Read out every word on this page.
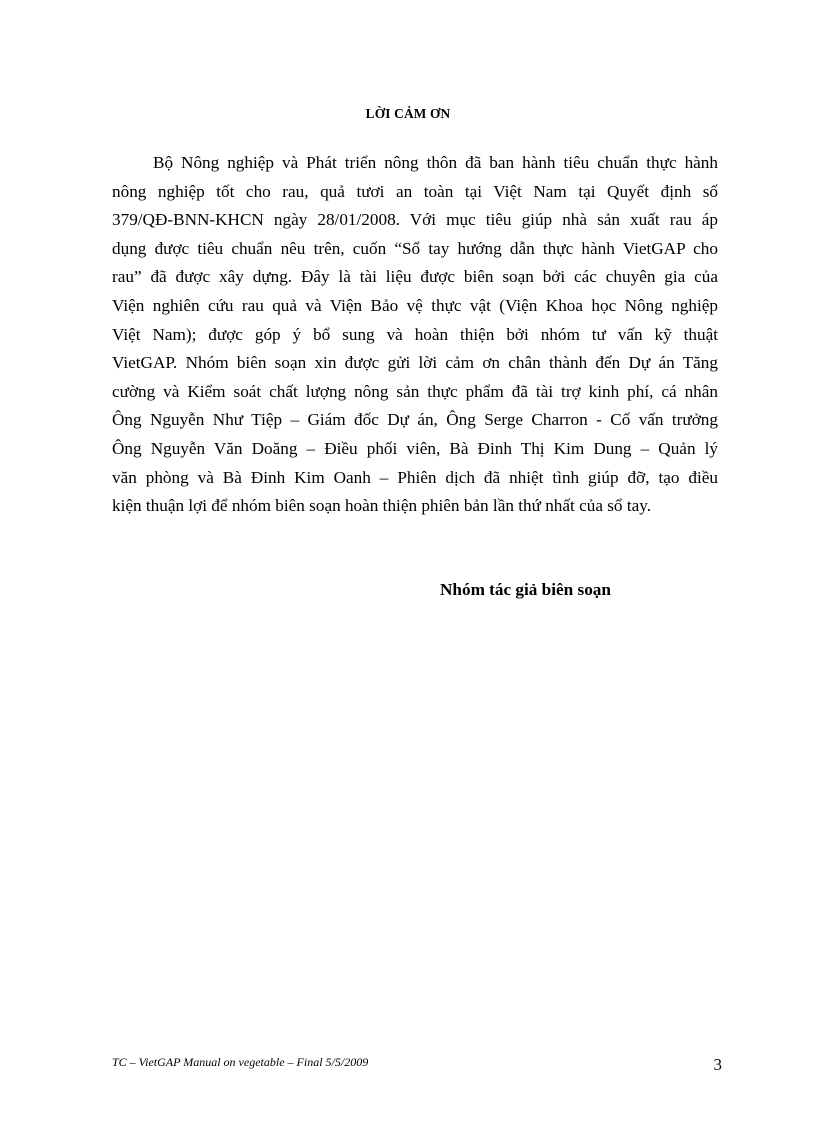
LỜI CẢM ƠN
Bộ Nông nghiệp và Phát triển nông thôn đã ban hành tiêu chuẩn thực hành
nông nghiệp tốt cho rau, quả tươi an toàn tại Việt Nam tại Quyết định số
379/QĐ-BNN-KHCN ngày 28/01/2008. Với mục tiêu giúp nhà sản xuất rau áp
dụng được tiêu chuẩn nêu trên, cuốn “Sổ tay hướng dẫn thực hành VietGAP cho
rau” đã được xây dựng. Đây là tài liệu được biên soạn bởi các chuyên gia của
Viện nghiên cứu rau quả và Viện Bảo vệ thực vật (Viện Khoa học Nông nghiệp
Việt Nam); được góp ý bổ sung và hoàn thiện bởi nhóm tư vấn kỹ thuật
VietGAP. Nhóm biên soạn xin được gửi lời cảm ơn chân thành đến Dự án Tăng
cường và Kiểm soát chất lượng nông sản thực phẩm đã tài trợ kinh phí, cá nhân
Ông Nguyễn Như Tiệp – Giám đốc Dự án, Ông Serge Charron - Cố vấn trưởng
Ông Nguyễn Văn Doăng – Điều phối viên, Bà Đinh Thị Kim Dung – Quản lý
văn phòng và Bà Đinh Kim Oanh – Phiên dịch đã nhiệt tình giúp đỡ, tạo điều
kiện thuận lợi để nhóm biên soạn hoàn thiện phiên bản lần thứ nhất của sổ tay.
Nhóm tác giả biên soạn
TC – VietGAP Manual on vegetable – Final 5/5/2009	3
